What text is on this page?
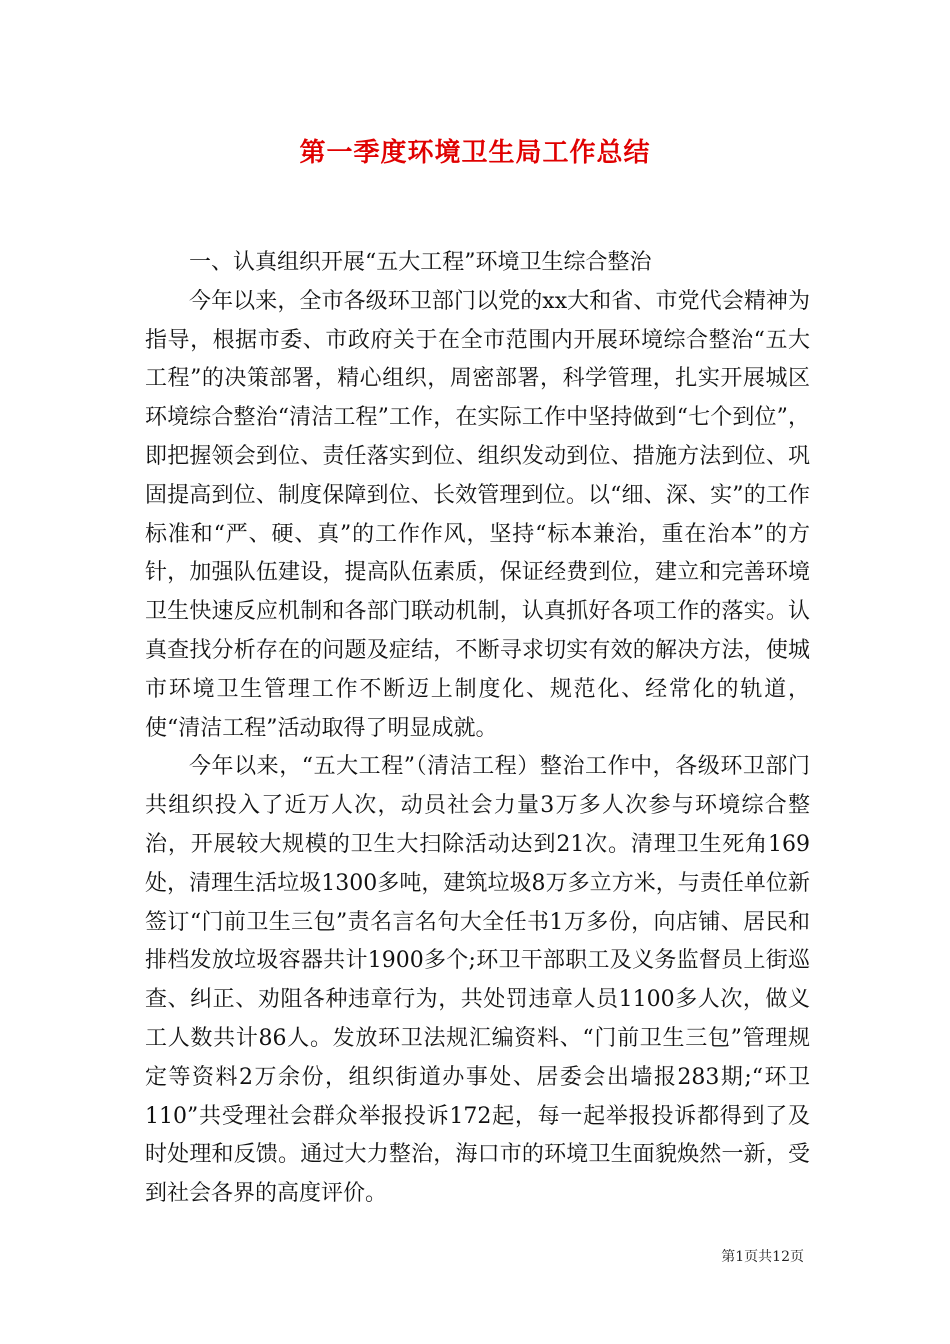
第一季度环境卫生局工作总结

一、认真组织开展“五大工程”环境卫生综合整治

今年以来，全市各级环卫部门以党的xx大和省、市党代会精神为指导，根据市委、市政府关于在全市范围内开展环境综合整治“五大工程”的决策部署，精心组织，周密部署，科学管理，扎实开展城区环境综合整治“清洁工程”工作，在实际工作中坚持做到“七个到位”，即把握领会到位、责任落实到位、组织发动到位、措施方法到位、巩固提高到位、制度保障到位、长效管理到位。以“细、深、实”的工作标准和“严、硬、真”的工作作风，坚持“标本兼治，重在治本”的方针，加强队伍建设，提高队伍素质，保证经费到位，建立和完善环境卫生快速反应机制和各部门联动机制，认真抓好各项工作的落实。认真查找分析存在的问题及症结，不断寻求切实有效的解决方法，使城市环境卫生管理工作不断迈上制度化、规范化、经常化的轨道，使“清洁工程”活动取得了明显成就。

今年以来，“五大工程”（清洁工程）整治工作中，各级环卫部门共组织投入了近万人次，动员社会力量3万多人次参与环境综合整治，开展较大规模的卫生大扫除活动达到21次。清理卫生死角169处，清理生活垃圾1300多吨，建筑垃圾8万多立方米，与责任单位新签订“门前卫生三包”责名言名句大全任书1万多份，向店铺、居民和排档发放垃圾容器共计1900多个;环卫干部职工及义务监督员上街巡查、纠正、劝阻各种违章行为，共处罚违章人员1100多人次，做义工人数共计86人。发放环卫法规汇编资料、“门前卫生三包”管理规定等资料2万余份，组织街道办事处、居委会出墙报283期;“环卫110”共受理社会群众举报投诉172起，每一起举报投诉都得到了及时处理和反馈。通过大力整治，海口市的环境卫生面貌焕然一新，受到社会各界的高度评价。

第1页共12页
